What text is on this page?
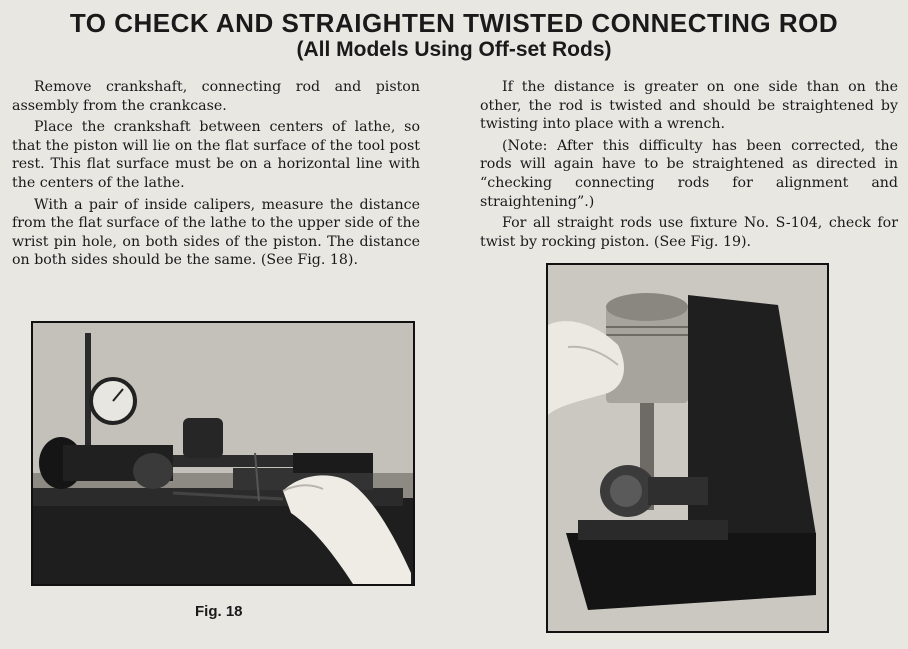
TO CHECK AND STRAIGHTEN TWISTED CONNECTING ROD
(All Models Using Off-set Rods)

Remove crankshaft, connecting rod and piston assembly from the crankcase.

Place the crankshaft between centers of lathe, so that the piston will lie on the flat surface of the tool post rest. This flat surface must be on a horizontal line with the centers of the lathe.

With a pair of inside calipers, measure the distance from the flat surface of the lathe to the upper side of the wrist pin hole, on both sides of the piston. The distance on both sides should be the same. (See Fig. 18).

If the distance is greater on one side than on the other, the rod is twisted and should be straightened by twisting into place with a wrench.

(Note: After this difficulty has been corrected, the rods will again have to be straightened as directed in “checking connecting rods for alignment and straightening”.)

For all straight rods use fixture No. S-104, check for twist by rocking piston. (See Fig. 19).

Fig. 18
